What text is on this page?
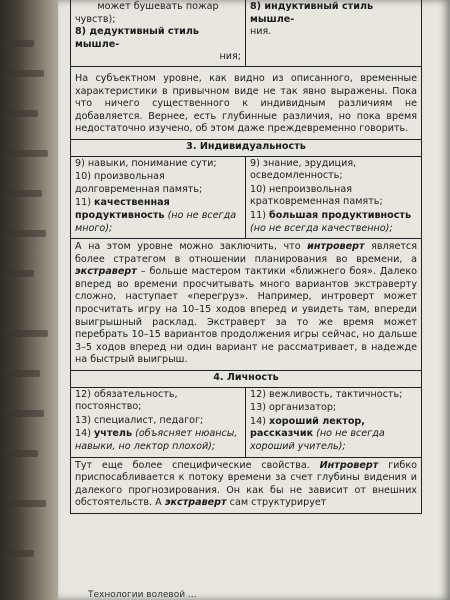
может бушевать пожар
чувств);
8) дедуктивный стиль мышле-
ния;
8) индуктивный стиль мышле-
ния.
На субъектном уровне, как видно из описанного, временные характеристики в привычном виде не так явно выражены. Пока что ничего существенного к индивидным различиям не добавляется. Вернее, есть глубинные различия, но пока время недостаточно изучено, об этом даже преждевременно говорить.
3. Индивидуальность
9) навыки, понимание сути;
10) произвольная долговременная память;
11) качественная продуктивность (но не всегда много);
9) знание, эрудиция, осведомленность;
10) непроизвольная кратковременная память;
11) большая продуктивность (но не всегда качественно);
А на этом уровне можно заключить, что интроверт является более стратегом в отношении планирования во времени, а экстраверт – больше мастером тактики «ближнего боя». Далеко вперед во времени просчитывать много вариантов экстраверту сложно, наступает «перегруз». Например, интроверт может просчитать игру на 10–15 ходов вперед и увидеть там, впереди выигрышный расклад. Экстраверт за то же время может перебрать 10–15 вариантов продолжения игры сейчас, но дальше 3–5 ходов вперед ни один вариант не рассматривает, в надежде на быстрый выигрыш.
4. Личность
12) обязательность, постоянство;
13) специалист, педагог;
14) учтель (объясняет нюансы, навыки, но лектор плохой);
12) вежливость, тактичность;
13) организатор;
14) хороший лектор, рассказчик (но не всегда хороший учитель);
Тут еще более специфические свойства. Интроверт гибко приспосабливается к потоку времени за счет глубины видения и далекого прогнозирования. Он как бы не зависит от внешних обстоятельств. А экстраверт сам структурирует
Технологии волевой ...
